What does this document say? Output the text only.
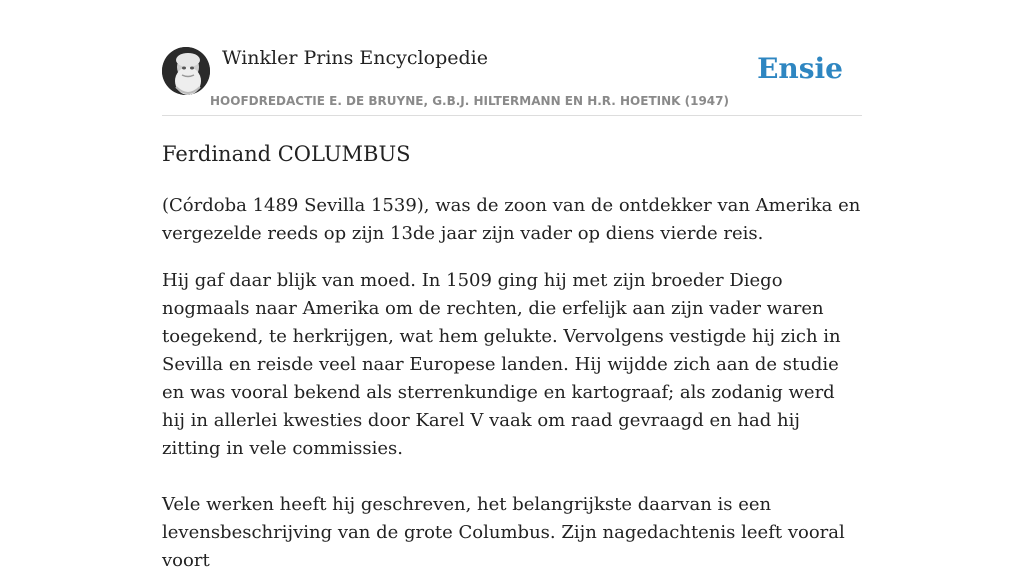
Winkler Prins Encyclopedie
HOOFDREDACTIE E. DE BRUYNE, G.B.J. HILTERMANN EN H.R. HOETINK (1947)
Ensie
Ferdinand COLUMBUS

(Córdoba 1489 Sevilla 1539), was de zoon van de ontdekker van Amerika en vergezelde reeds op zijn 13de jaar zijn vader op diens vierde reis.

Hij gaf daar blijk van moed. In 1509 ging hij met zijn broeder Diego nogmaals naar Amerika om de rechten, die erfelijk aan zijn vader waren toegekend, te herkrijgen, wat hem gelukte. Vervolgens vestigde hij zich in Sevilla en reisde veel naar Europese landen. Hij wijdde zich aan de studie en was vooral bekend als sterrenkundige en kartograaf; als zodanig werd hij in allerlei kwesties door Karel V vaak om raad gevraagd en had hij zitting in vele commissies.

Vele werken heeft hij geschreven, het belangrijkste daarvan is een levensbeschrijving van de grote Columbus. Zijn nagedachtenis leeft vooral voort
